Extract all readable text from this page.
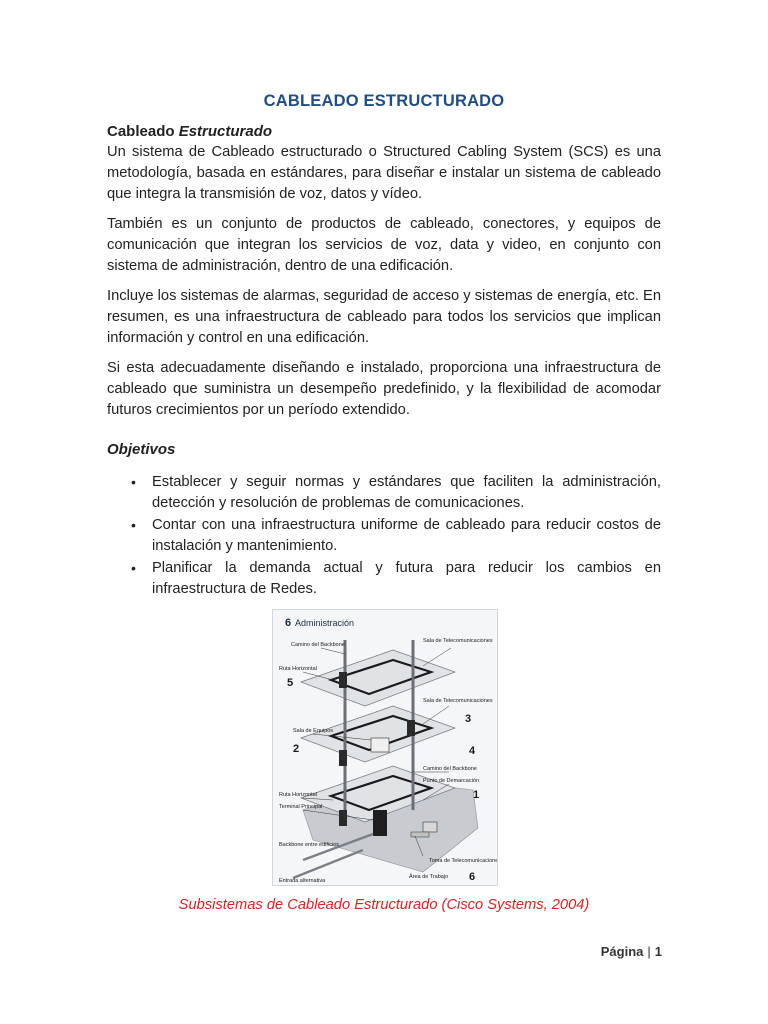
CABLEADO ESTRUCTURADO
Cableado Estructurado

Un sistema de Cableado estructurado o Structured Cabling System (SCS) es una metodología, basada en estándares, para diseñar e instalar un sistema de cableado que integra la transmisión de voz, datos y vídeo.

También es un conjunto de productos de cableado, conectores, y equipos de comunicación que integran los servicios de voz, data y video, en conjunto con sistema de administración, dentro de una edificación.

Incluye los sistemas de alarmas, seguridad de acceso y sistemas de energía, etc. En resumen, es una infraestructura de cableado para todos los servicios que implican información y control en una edificación.

Si esta adecuadamente diseñando e instalado, proporciona una infraestructura de cableado que suministra un desempeño predefinido, y la flexibilidad de acomodar futuros crecimientos por un período extendido.

Objetivos
• Establecer y seguir normas y estándares que faciliten la administración, detección y resolución de problemas de comunicaciones.
• Contar con una infraestructura uniforme de cableado para reducir costos de instalación y mantenimiento.
• Planificar la demanda actual y futura para reducir los cambios en infraestructura de Redes.
6 Administración
Camino del Backbone
Sala de Telecomunicaciones
Ruta Horizontal
Sala de Telecomunicaciones
Sala de Equipos
Camino del Backbone
Punto de Demarcación
Ruta Horizontal
Terminal Principal
Backbone entre edificios
Toma de Telecomunicaciones
Área de Trabajo
Entrada alternativa
5
3
2	4
1
6
Subsistemas de Cableado Estructurado (Cisco Systems, 2004)
Página | 1
